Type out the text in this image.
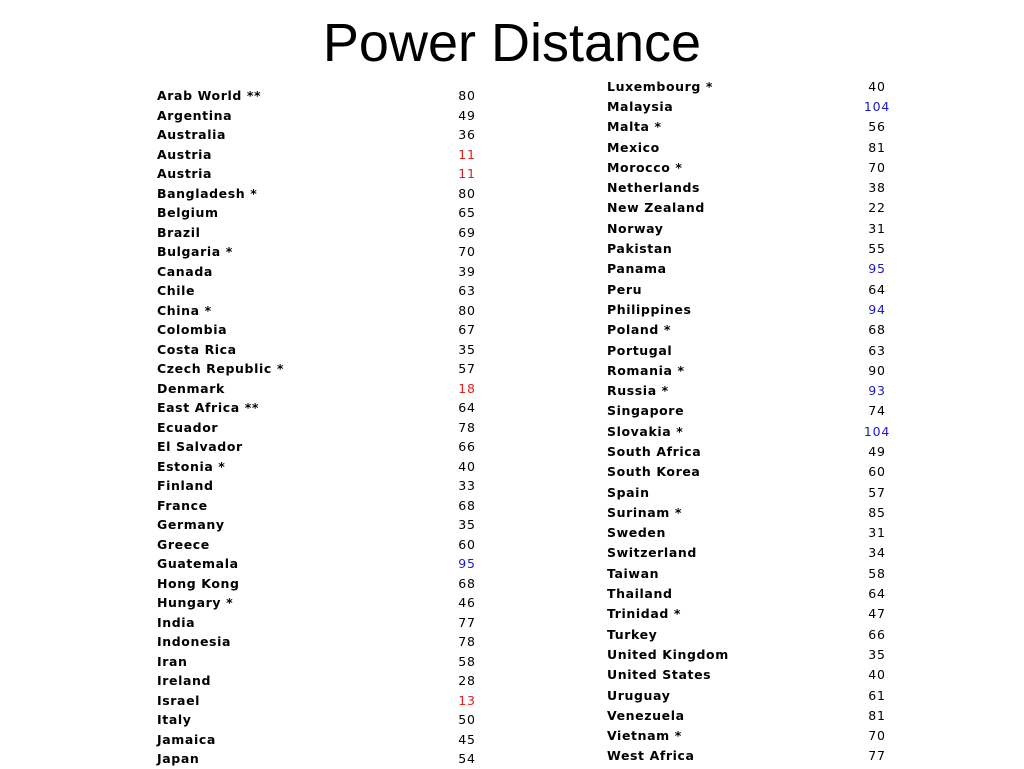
Power Distance
Arab World **	80
Argentina	49
Australia	36
Austria	11
Austria	11
Bangladesh *	80
Belgium	65
Brazil	69
Bulgaria *	70
Canada	39
Chile	63
China *	80
Colombia	67
Costa Rica	35
Czech Republic *	57
Denmark	18
East Africa **	64
Ecuador	78
El Salvador	66
Estonia *	40
Finland	33
France	68
Germany	35
Greece	60
Guatemala	95
Hong Kong	68
Hungary *	46
India	77
Indonesia	78
Iran	58
Ireland	28
Israel	13
Italy	50
Jamaica	45
Japan	54
Luxembourg *	40
Malaysia	104
Malta *	56
Mexico	81
Morocco *	70
Netherlands	38
New Zealand	22
Norway	31
Pakistan	55
Panama	95
Peru	64
Philippines	94
Poland *	68
Portugal	63
Romania *	90
Russia *	93
Singapore	74
Slovakia *	104
South Africa	49
South Korea	60
Spain	57
Surinam *	85
Sweden	31
Switzerland	34
Taiwan	58
Thailand	64
Trinidad *	47
Turkey	66
United Kingdom	35
United States	40
Uruguay	61
Venezuela	81
Vietnam *	70
West Africa	77
